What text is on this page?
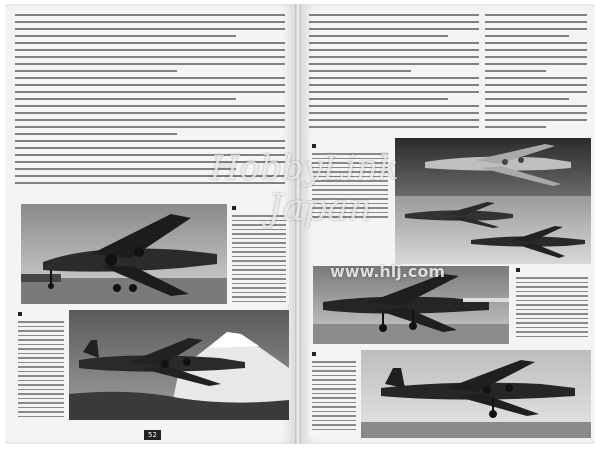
52
HobbyLink
Japan
www.hlj.com
